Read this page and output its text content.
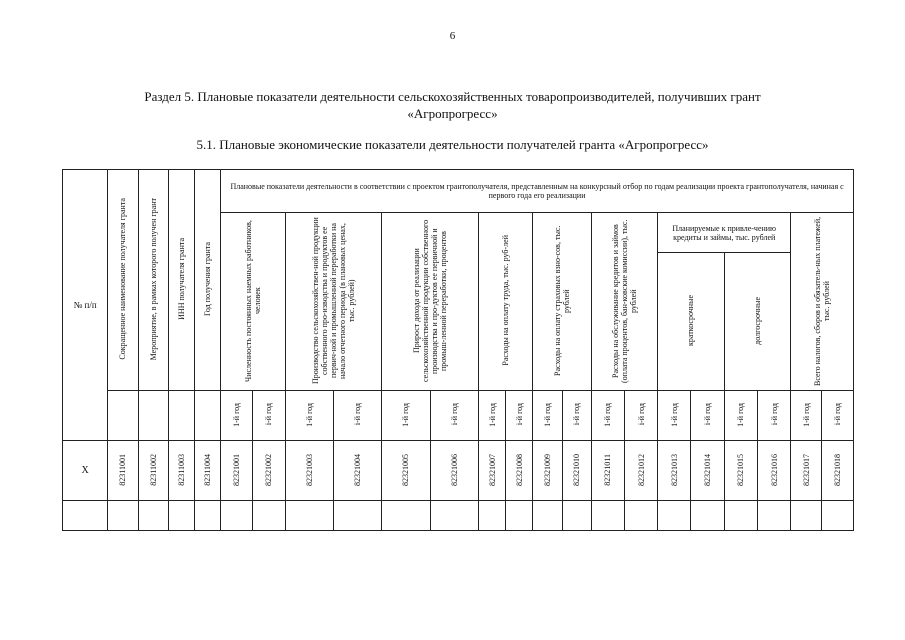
6
Раздел 5. Плановые показатели деятельности сельскохозяйственных товаропроизводителей, получивших грант «Агропрогресс»
5.1. Плановые экономические показатели деятельности получателей гранта «Агропрогресс»
№ п/п	Сокращенное наименование получателя гранта	Мероприятие, в рамках которого получен грант	ИНН получателя гранта	Год получения гранта	Плановые показатели деятельности в соответствии с проектом грантополучателя, представленным на конкурсный отбор по годам реализации проекта грантополучателя, начиная с первого года его реализации																	

					Численность постоянных наемных работников, человек		Производство сельскохозяйствен-ной продукции собственного про-изводства и продуктов ее первич-ной и промышленной переработки на начало отчетного периода (в плановых ценах, тыс. рублей)		Прирост дохода от реализации сельскохозяйственной продукции собственного производства и про-дуктов ее первичной и промыш-ленной переработки, процентов		Расходы на оплату труда, тыс. руб-лей		Расходы на оплату страховых взно-сов, тыс. рублей		Расходы на обслуживание кредитов и займов (оплата процентов, бан-ковские комиссии), тыс. рублей		Планируемые к привле-чению кредиты и займы, тыс. рублей				Всего налогов, сборов и обязатель-ных платежей, тыс. рублей	
																	краткосрочные		долгосрочные			
					1-й год	i-й год	1-й год	i-й год	1-й год	i-й год	1-й год	i-й год	1-й год	i-й год	1-й год	i-й год	1-й год	i-й год	1-й год	i-й год	1-й год	i-й год

X	82311001	82311002	82311003	82311004	82321001	82321002	82321003	82321004	82321005	82321006	82321007	82321008	82321009	82321010	82321011	82321012	82321013	82321014	82321015	82321016	82321017	82321018
